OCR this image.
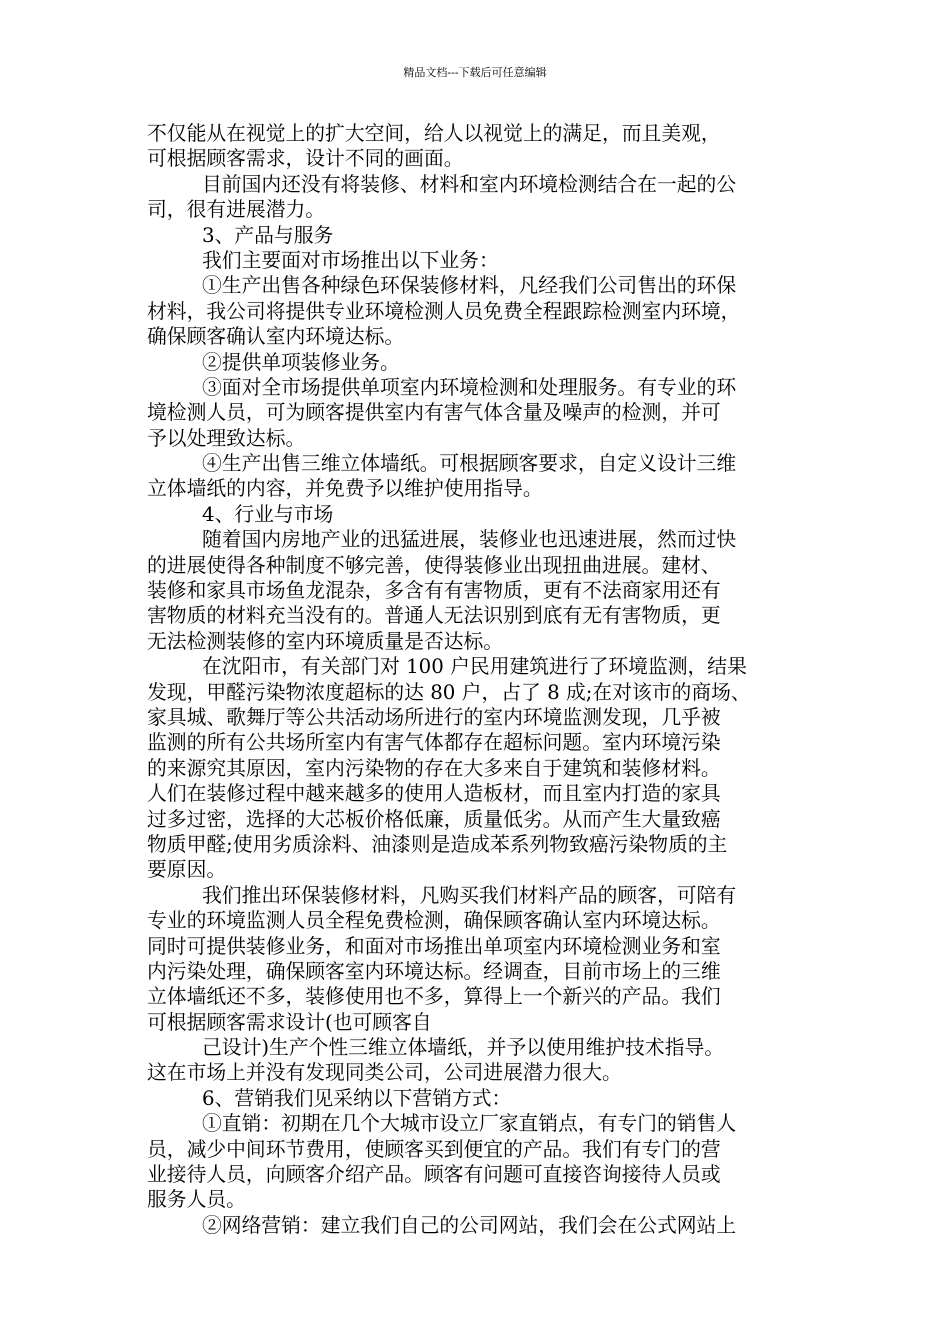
精品文档---下载后可任意编辑
不仅能从在视觉上的扩大空间，给人以视觉上的满足，而且美观，
可根据顾客需求，设计不同的画面。
目前国内还没有将装修、材料和室内环境检测结合在一起的公
司，很有进展潜力。
3、产品与服务
我们主要面对市场推出以下业务：
①生产出售各种绿色环保装修材料，凡经我们公司售出的环保
材料，我公司将提供专业环境检测人员免费全程跟踪检测室内环境，
确保顾客确认室内环境达标。
②提供单项装修业务。
③面对全市场提供单项室内环境检测和处理服务。有专业的环
境检测人员，可为顾客提供室内有害气体含量及噪声的检测，并可
予以处理致达标。
④生产出售三维立体墙纸。可根据顾客要求，自定义设计三维
立体墙纸的内容，并免费予以维护使用指导。
4、行业与市场
随着国内房地产业的迅猛进展，装修业也迅速进展，然而过快
的进展使得各种制度不够完善，使得装修业出现扭曲进展。建材、
装修和家具市场鱼龙混杂，多含有有害物质，更有不法商家用还有
害物质的材料充当没有的。普通人无法识别到底有无有害物质，更
无法检测装修的室内环境质量是否达标。
在沈阳市，有关部门对 100 户民用建筑进行了环境监测，结果
发现，甲醛污染物浓度超标的达 80 户，占了 8 成;在对该市的商场、
家具城、歌舞厅等公共活动场所进行的室内环境监测发现，几乎被
监测的所有公共场所室内有害气体都存在超标问题。室内环境污染
的来源究其原因，室内污染物的存在大多来自于建筑和装修材料。
人们在装修过程中越来越多的使用人造板材，而且室内打造的家具
过多过密，选择的大芯板价格低廉，质量低劣。从而产生大量致癌
物质甲醛;使用劣质涂料、油漆则是造成苯系列物致癌污染物质的主
要原因。
我们推出环保装修材料，凡购买我们材料产品的顾客，可陪有
专业的环境监测人员全程免费检测，确保顾客确认室内环境达标。
同时可提供装修业务，和面对市场推出单项室内环境检测业务和室
内污染处理，确保顾客室内环境达标。经调查，目前市场上的三维
立体墙纸还不多，装修使用也不多，算得上一个新兴的产品。我们
可根据顾客需求设计(也可顾客自
己设计)生产个性三维立体墙纸，并予以使用维护技术指导。
这在市场上并没有发现同类公司，公司进展潜力很大。
6、营销我们见采纳以下营销方式：
①直销：初期在几个大城市设立厂家直销点，有专门的销售人
员，减少中间环节费用，使顾客买到便宜的产品。我们有专门的营
业接待人员，向顾客介绍产品。顾客有问题可直接咨询接待人员或
服务人员。
②网络营销：建立我们自己的公司网站，我们会在公式网站上
